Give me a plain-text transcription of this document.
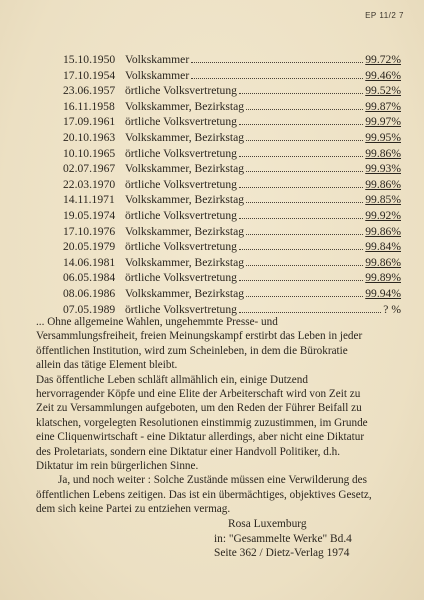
EP 11/2 7
15.10.1950 Volkskammer	99.72%
17.10.1954 Volkskammer	99.46%
23.06.1957 örtliche Volksvertretung	99.52%
16.11.1958 Volkskammer, Bezirkstag	99.87%
17.09.1961 örtliche Volksvertretung	99.97%
20.10.1963 Volkskammer, Bezirkstag	99.95%
10.10.1965 örtliche Volksvertretung	99.86%
02.07.1967 Volkskammer, Bezirkstag	99.93%
22.03.1970 örtliche Volksvertretung	99.86%
14.11.1971 Volkskammer, Bezirkstag	99.85%
19.05.1974 örtliche Volksvertretung	99.92%
17.10.1976 Volkskammer, Bezirkstag	99.86%
20.05.1979 örtliche Volksvertretung	99.84%
14.06.1981 Volkskammer, Bezirkstag	99.86%
06.05.1984 örtliche Volksvertretung	99.89%
08.06.1986 Volkskammer, Bezirkstag	99.94%
07.05.1989 örtliche Volksvertretung	? %

... Ohne allgemeine Wahlen, ungehemmte Presse- und

Versammlungsfreiheit, freien Meinungskampf erstirbt das Leben in jeder

öffentlichen Institution, wird zum Scheinleben, in dem die Bürokratie

allein das tätige Element bleibt.

Das öffentliche Leben schläft allmählich ein, einige Dutzend

hervorragender Köpfe und eine Elite der Arbeiterschaft wird von Zeit zu

Zeit zu Versammlungen aufgeboten, um den Reden der Führer Beifall zu

klatschen, vorgelegten Resolutionen einstimmig zuzustimmen, im Grunde

eine Cliquenwirtschaft - eine Diktatur allerdings, aber nicht eine Diktatur

des Proletariats, sondern eine Diktatur einer Handvoll Politiker, d.h.

Diktatur im rein bürgerlichen Sinne.

Ja, und noch weiter : Solche Zustände müssen eine Verwilderung des

öffentlichen Lebens zeitigen. Das ist ein übermächtiges, objektives Gesetz,

dem sich keine Partei zu entziehen vermag.

Rosa Luxemburg
in: "Gesammelte Werke" Bd.4
Seite 362 / Dietz-Verlag 1974
